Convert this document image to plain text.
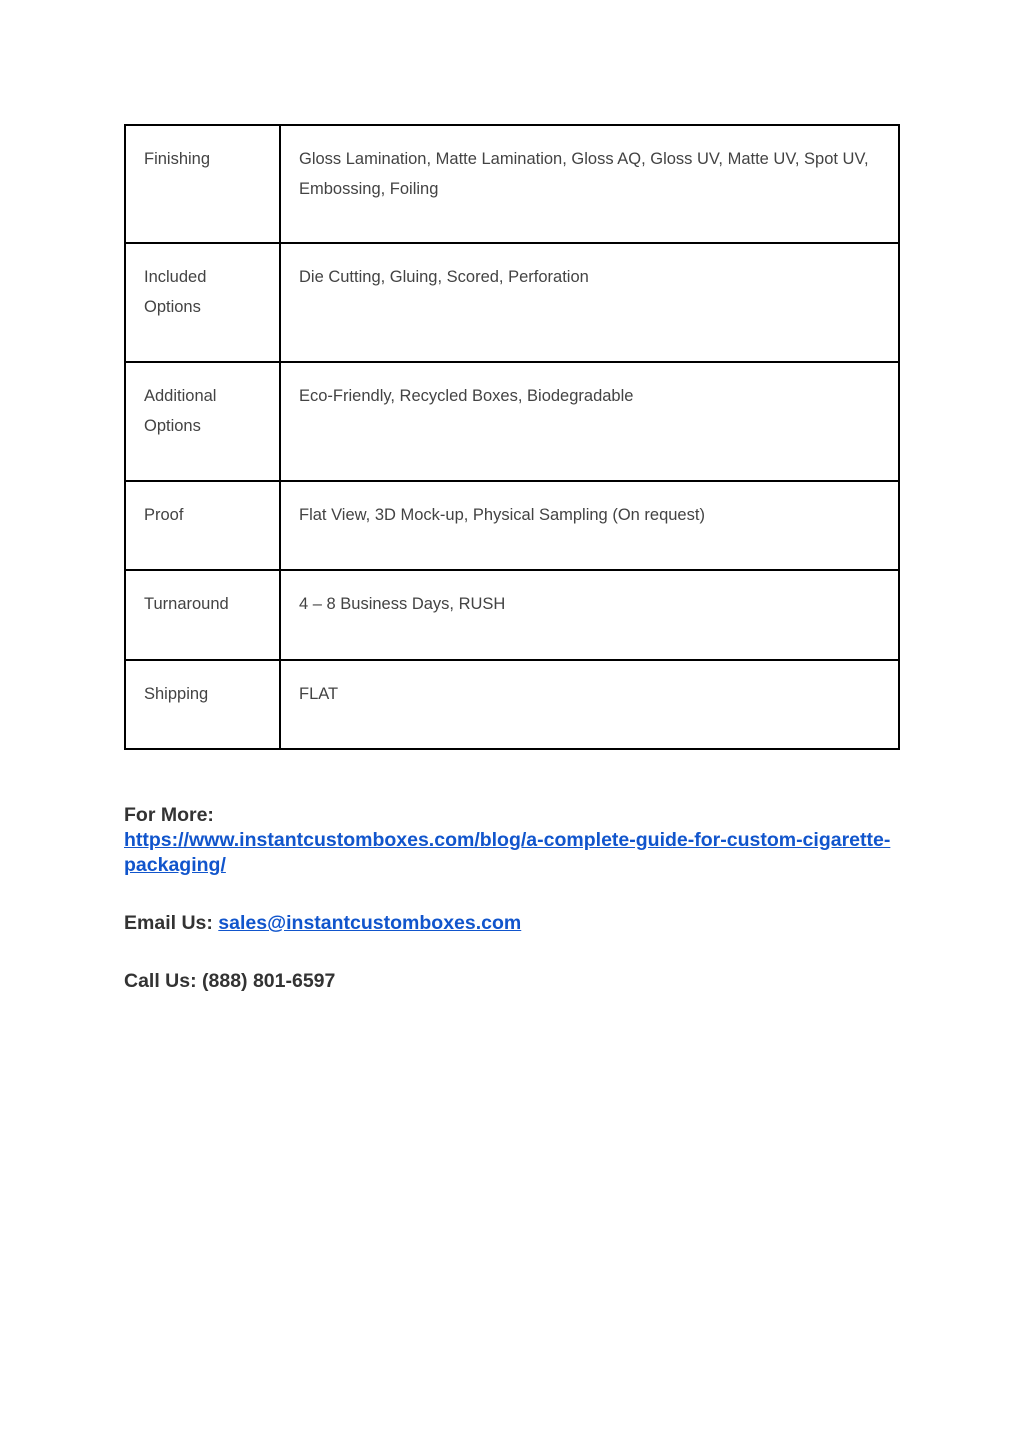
Finishing	Gloss Lamination, Matte Lamination, Gloss AQ, Gloss UV, Matte UV, Spot UV, Embossing, Foiling
Included Options	Die Cutting, Gluing, Scored, Perforation
Additional Options	Eco-Friendly, Recycled Boxes, Biodegradable
Proof	Flat View, 3D Mock-up, Physical Sampling (On request)
Turnaround	4 – 8 Business Days, RUSH
Shipping	FLAT
For More:
https://www.instantcustomboxes.com/blog/a-complete-guide-for-custom-cigarette-packaging/
Email Us: sales@instantcustomboxes.com
Call Us: (888) 801-6597
